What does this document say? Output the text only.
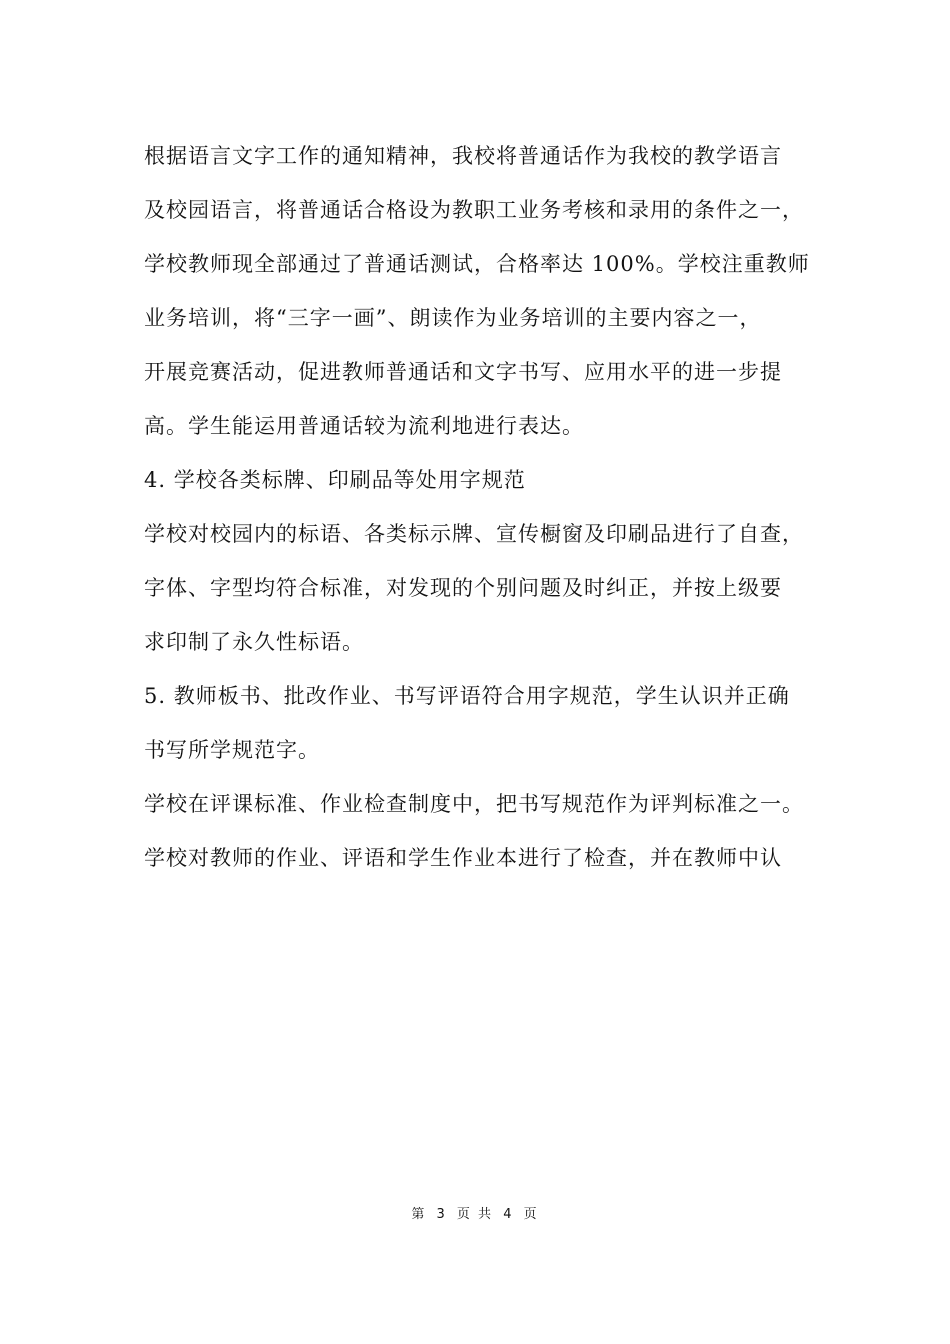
根据语言文字工作的通知精神，我校将普通话作为我校的教学语言
及校园语言，将普通话合格设为教职工业务考核和录用的条件之一，
学校教师现全部通过了普通话测试，合格率达 100%。学校注重教师
业务培训，将“三字一画”、朗读作为业务培训的主要内容之一，
开展竞赛活动，促进教师普通话和文字书写、应用水平的进一步提
高。学生能运用普通话较为流利地进行表达。
4. 学校各类标牌、印刷品等处用字规范
学校对校园内的标语、各类标示牌、宣传橱窗及印刷品进行了自查，
字体、字型均符合标准，对发现的个别问题及时纠正，并按上级要
求印制了永久性标语。
5. 教师板书、批改作业、书写评语符合用字规范，学生认识并正确
书写所学规范字。
学校在评课标准、作业检查制度中，把书写规范作为评判标准之一。
学校对教师的作业、评语和学生作业本进行了检查，并在教师中认
第 3 页 共 4 页
